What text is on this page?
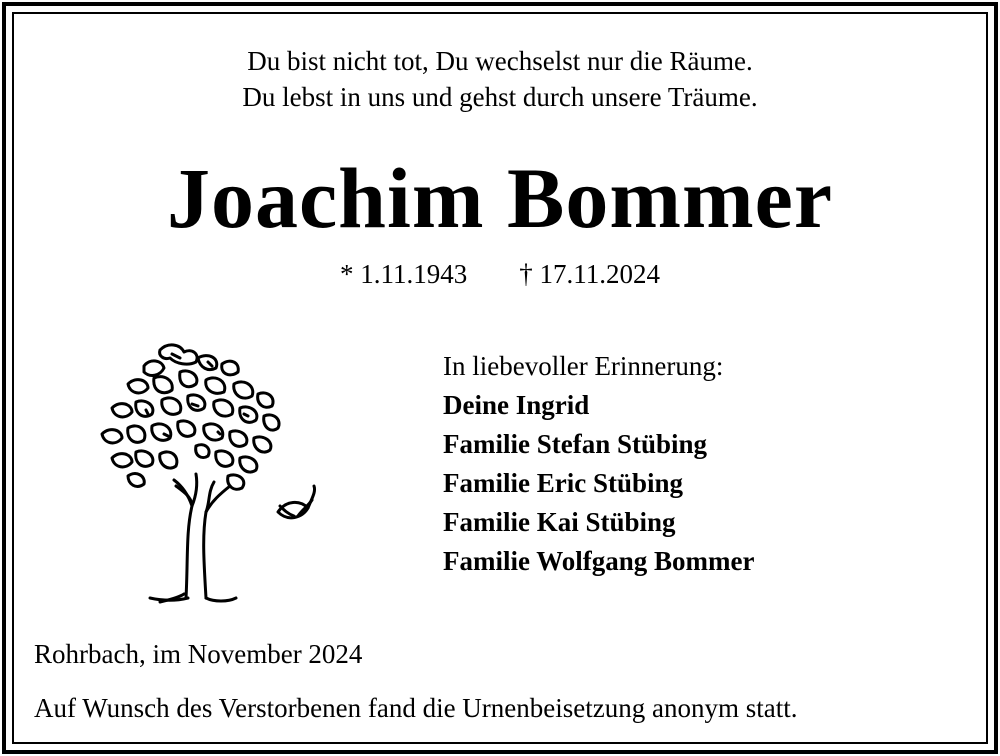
Du bist nicht tot, Du wechselst nur die Räume.
Du lebst in uns und gehst durch unsere Träume.
Joachim Bommer
* 1.11.1943 † 17.11.2024
In liebevoller Erinnerung:
Deine Ingrid
Familie Stefan Stübing
Familie Eric Stübing
Familie Kai Stübing
Familie Wolfgang Bommer
Rohrbach, im November 2024
Auf Wunsch des Verstorbenen fand die Urnenbeisetzung anonym statt.
